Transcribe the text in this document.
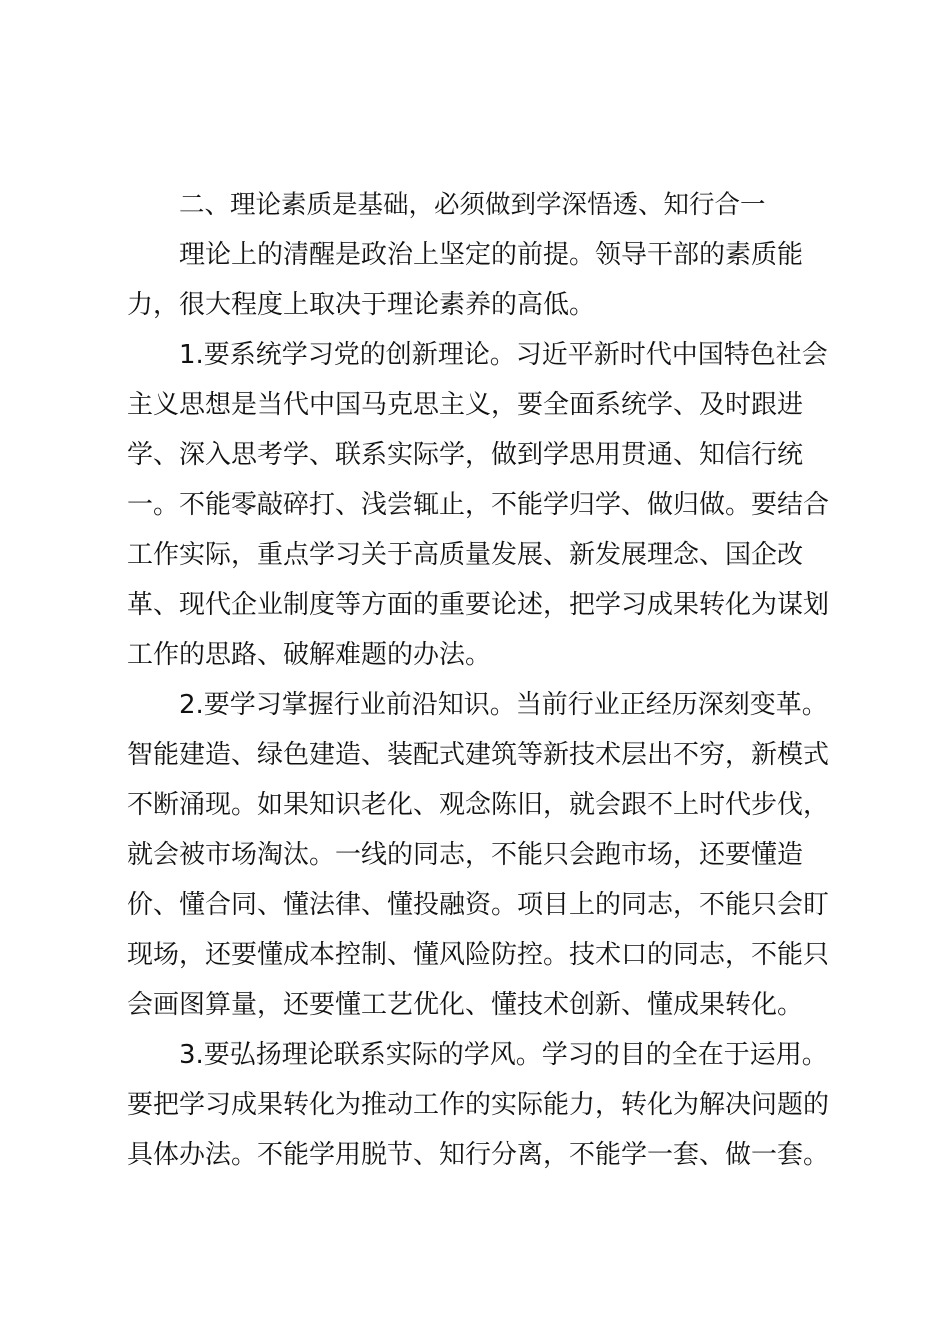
二、理论素质是基础，必须做到学深悟透、知行合一
理论上的清醒是政治上坚定的前提。领导干部的素质能
力，很大程度上取决于理论素养的高低。
1.要系统学习党的创新理论。习近平新时代中国特色社会
主义思想是当代中国马克思主义，要全面系统学、及时跟进
学、深入思考学、联系实际学，做到学思用贯通、知信行统
一。不能零敲碎打、浅尝辄止，不能学归学、做归做。要结合
工作实际，重点学习关于高质量发展、新发展理念、国企改
革、现代企业制度等方面的重要论述，把学习成果转化为谋划
工作的思路、破解难题的办法。
2.要学习掌握行业前沿知识。当前行业正经历深刻变革。
智能建造、绿色建造、装配式建筑等新技术层出不穷，新模式
不断涌现。如果知识老化、观念陈旧，就会跟不上时代步伐，
就会被市场淘汰。一线的同志，不能只会跑市场，还要懂造
价、懂合同、懂法律、懂投融资。项目上的同志，不能只会盯
现场，还要懂成本控制、懂风险防控。技术口的同志，不能只
会画图算量，还要懂工艺优化、懂技术创新、懂成果转化。
3.要弘扬理论联系实际的学风。学习的目的全在于运用。
要把学习成果转化为推动工作的实际能力，转化为解决问题的
具体办法。不能学用脱节、知行分离，不能学一套、做一套。
